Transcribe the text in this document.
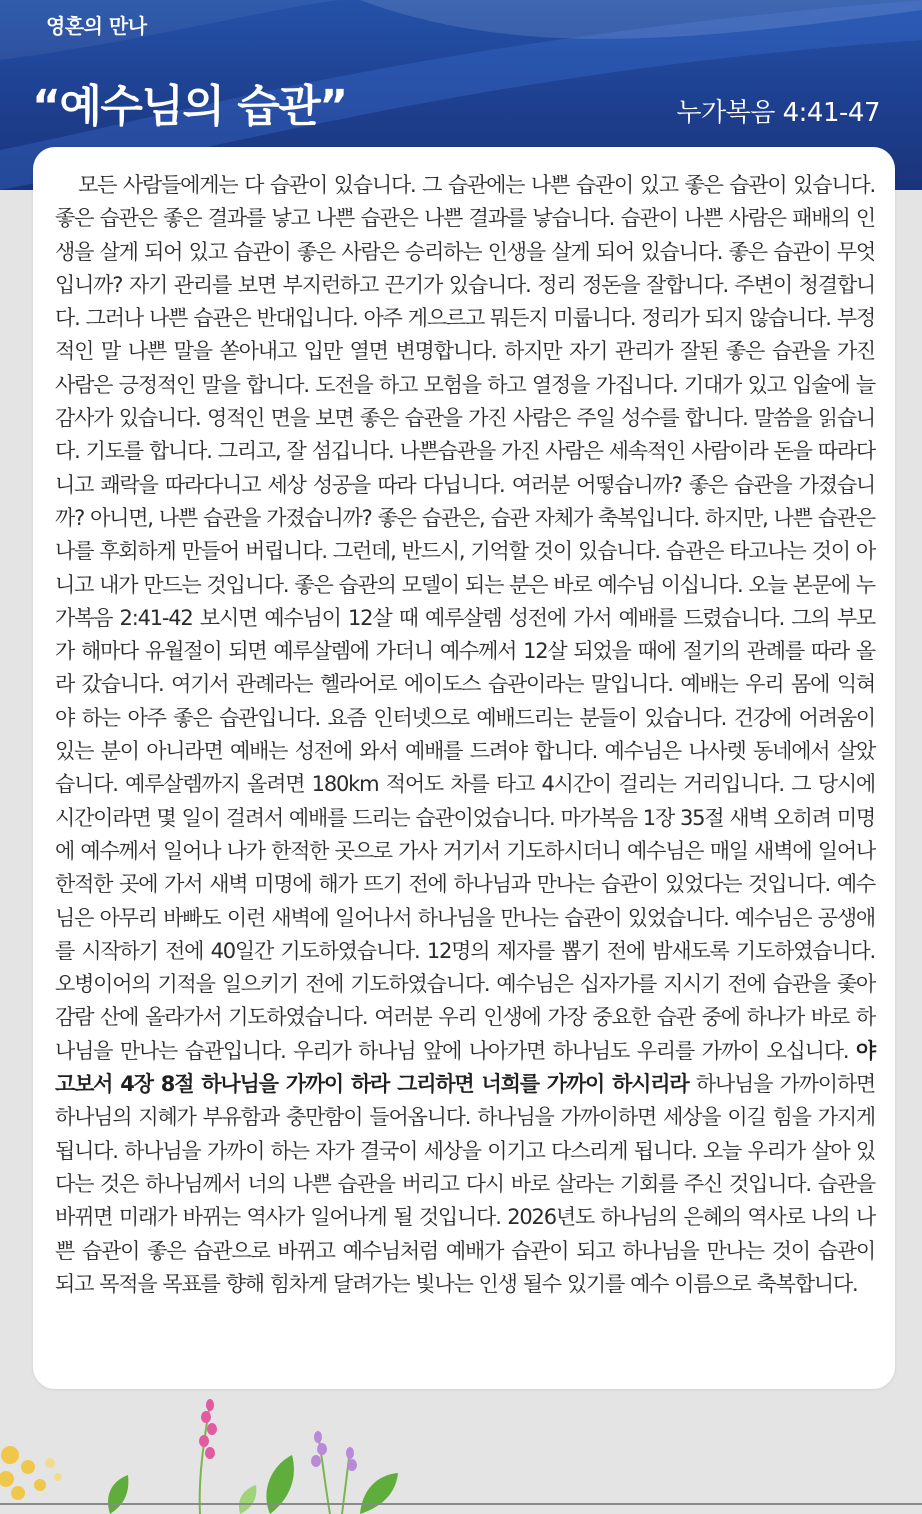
영혼의 만나
“예수님의 습관”	누가복음 4:41-47

모든 사람들에게는 다 습관이 있습니다. 그 습관에는 나쁜 습관이 있고 좋은 습관이 있습니다. 좋은 습관은 좋은 결과를 낳고 나쁜 습관은 나쁜 결과를 낳습니다. 습관이 나쁜 사람은 패배의 인생을 살게 되어 있고 습관이 좋은 사람은 승리하는 인생을 살게 되어 있습니다. 좋은 습관이 무엇입니까? 자기 관리를 보면 부지런하고 끈기가 있습니다. 정리 정돈을 잘합니다. 주변이 청결합니다. 그러나 나쁜 습관은 반대입니다. 아주 게으르고 뭐든지 미룹니다. 정리가 되지 않습니다. 부정적인 말 나쁜 말을 쏟아내고 입만 열면 변명합니다. 하지만 자기 관리가 잘된 좋은 습관을 가진 사람은 긍정적인 말을 합니다. 도전을 하고 모험을 하고 열정을 가집니다. 기대가 있고 입술에 늘 감사가 있습니다. 영적인 면을 보면 좋은 습관을 가진 사람은 주일 성수를 합니다. 말씀을 읽습니다. 기도를 합니다. 그리고, 잘 섬깁니다. 나쁜습관을 가진 사람은 세속적인 사람이라 돈을 따라다니고 쾌락을 따라다니고 세상 성공을 따라 다닙니다. 여러분 어떻습니까? 좋은 습관을 가졌습니까? 아니면, 나쁜 습관을 가졌습니까? 좋은 습관은, 습관 자체가 축복입니다. 하지만, 나쁜 습관은 나를 후회하게 만들어 버립니다. 그런데, 반드시, 기억할 것이 있습니다. 습관은 타고나는 것이 아니고 내가 만드는 것입니다. 좋은 습관의 모델이 되는 분은 바로 예수님 이십니다. 오늘 본문에 누가복음 2:41-42 보시면 예수님이 12살 때 예루살렘 성전에 가서 예배를 드렸습니다. 그의 부모가 해마다 유월절이 되면 예루살렘에 가더니 예수께서 12살 되었을 때에 절기의 관례를 따라 올라 갔습니다. 여기서 관례라는 헬라어로 에이도스 습관이라는 말입니다. 예배는 우리 몸에 익혀야 하는 아주 좋은 습관입니다. 요즘 인터넷으로 예배드리는 분들이 있습니다. 건강에 어려움이 있는 분이 아니라면 예배는 성전에 와서 예배를 드려야 합니다. 예수님은 나사렛 동네에서 살았습니다. 예루살렘까지 올려면 180km 적어도 차를 타고 4시간이 걸리는 거리입니다. 그 당시에 시간이라면 몇 일이 걸려서 예배를 드리는 습관이었습니다. 마가복음 1장 35절 새벽 오히려 미명에 예수께서 일어나 나가 한적한 곳으로 가사 거기서 기도하시더니 예수님은 매일 새벽에 일어나 한적한 곳에 가서 새벽 미명에 해가 뜨기 전에 하나님과 만나는 습관이 있었다는 것입니다. 예수님은 아무리 바빠도 이런 새벽에 일어나서 하나님을 만나는 습관이 있었습니다. 예수님은 공생애를 시작하기 전에 40일간 기도하였습니다. 12명의 제자를 뽑기 전에 밤새도록 기도하였습니다. 오병이어의 기적을 일으키기 전에 기도하였습니다. 예수님은 십자가를 지시기 전에 습관을 좇아 감람 산에 올라가서 기도하였습니다. 여러분 우리 인생에 가장 중요한 습관 중에 하나가 바로 하나님을 만나는 습관입니다. 우리가 하나님 앞에 나아가면 하나님도 우리를 가까이 오십니다. 야고보서 4장 8절 하나님을 가까이 하라 그리하면 너희를 가까이 하시리라 하나님을 가까이하면 하나님의 지혜가 부유함과 충만함이 들어옵니다. 하나님을 가까이하면 세상을 이길 힘을 가지게 됩니다. 하나님을 가까이 하는 자가 결국이 세상을 이기고 다스리게 됩니다. 오늘 우리가 살아 있다는 것은 하나님께서 너의 나쁜 습관을 버리고 다시 바로 살라는 기회를 주신 것입니다. 습관을 바뀌면 미래가 바뀌는 역사가 일어나게 될 것입니다. 2026년도 하나님의 은혜의 역사로 나의 나쁜 습관이 좋은 습관으로 바뀌고 예수님처럼 예배가 습관이 되고 하나님을 만나는 것이 습관이 되고 목적을 목표를 향해 힘차게 달려가는 빛나는 인생 될수 있기를 예수 이름으로 축복합니다.
